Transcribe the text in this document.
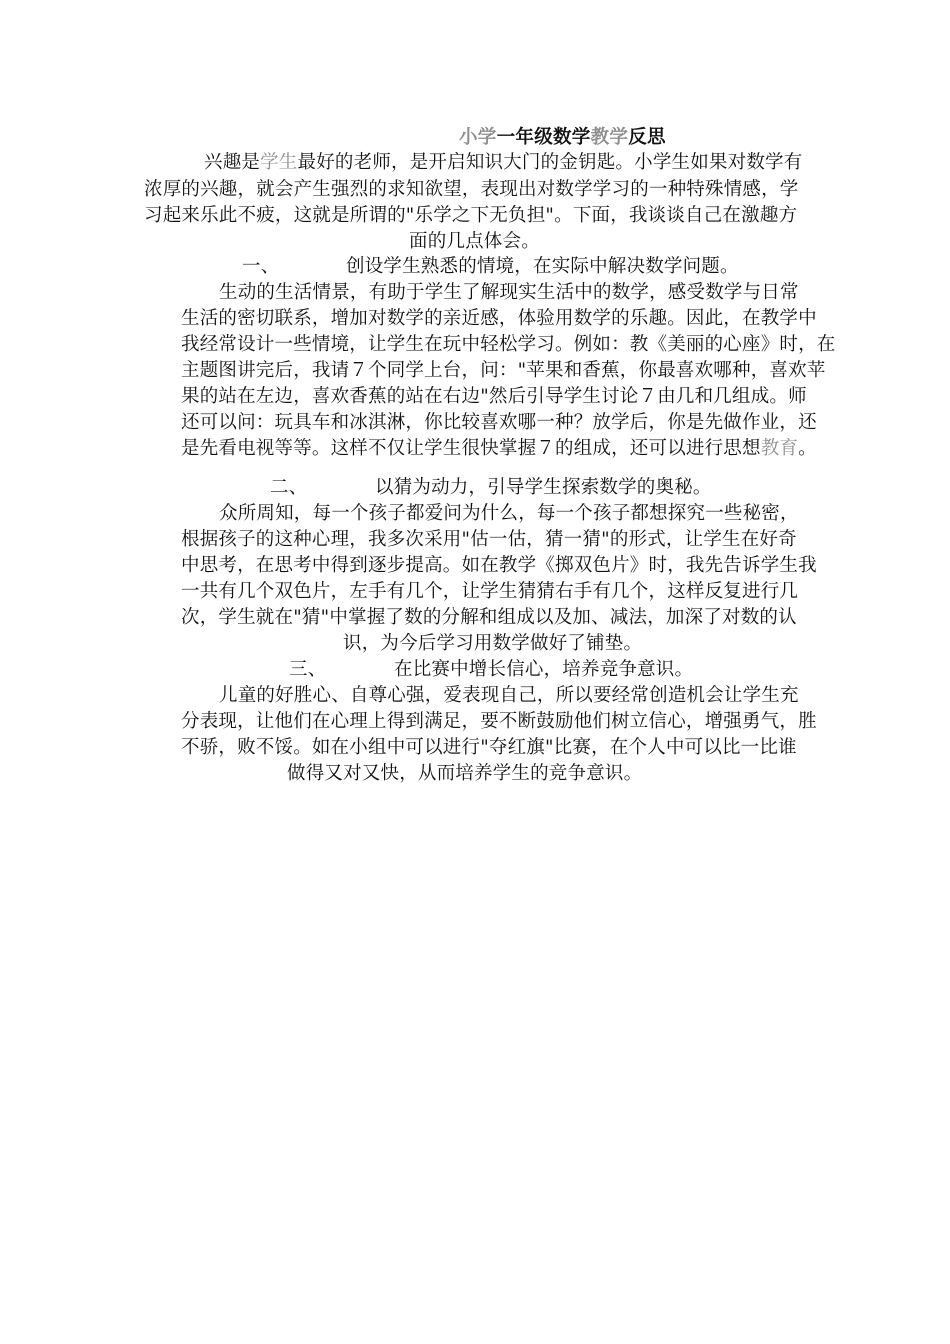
小学一年级数学教学反思
兴趣是学生最好的老师，是开启知识大门的金钥匙。小学生如果对数学有
浓厚的兴趣，就会产生强烈的求知欲望，表现出对数学学习的一种特殊情感，学
习起来乐此不疲，这就是所谓的"乐学之下无负担"。下面，我谈谈自己在激趣方
面的几点体会。
一、	创设学生熟悉的情境，在实际中解决数学问题。
生动的生活情景，有助于学生了解现实生活中的数学，感受数学与日常
生活的密切联系，增加对数学的亲近感，体验用数学的乐趣。因此，在教学中
我经常设计一些情境，让学生在玩中轻松学习。例如：教《美丽的心座》时，在
主题图讲完后，我请７个同学上台，问："苹果和香蕉，你最喜欢哪种，喜欢苹
果的站在左边，喜欢香蕉的站在右边"然后引导学生讨论７由几和几组成。师
还可以问：玩具车和冰淇淋，你比较喜欢哪一种？放学后，你是先做作业，还
是先看电视等等。这样不仅让学生很快掌握７的组成，还可以进行思想教育。
二、	以猜为动力，引导学生探索数学的奥秘。
众所周知，每一个孩子都爱问为什么，每一个孩子都想探究一些秘密，
根据孩子的这种心理，我多次采用"估一估，猜一猜"的形式，让学生在好奇
中思考，在思考中得到逐步提高。如在教学《掷双色片》时，我先告诉学生我
一共有几个双色片，左手有几个，让学生猜猜右手有几个，这样反复进行几
次，学生就在"猜"中掌握了数的分解和组成以及加、减法，加深了对数的认
识，为今后学习用数学做好了铺垫。
三、	在比赛中增长信心，培养竞争意识。
儿童的好胜心、自尊心强，爱表现自己，所以要经常创造机会让学生充
分表现，让他们在心理上得到满足，要不断鼓励他们树立信心，增强勇气，胜
不骄，败不馁。如在小组中可以进行"夺红旗"比赛，在个人中可以比一比谁
做得又对又快，从而培养学生的竞争意识。
